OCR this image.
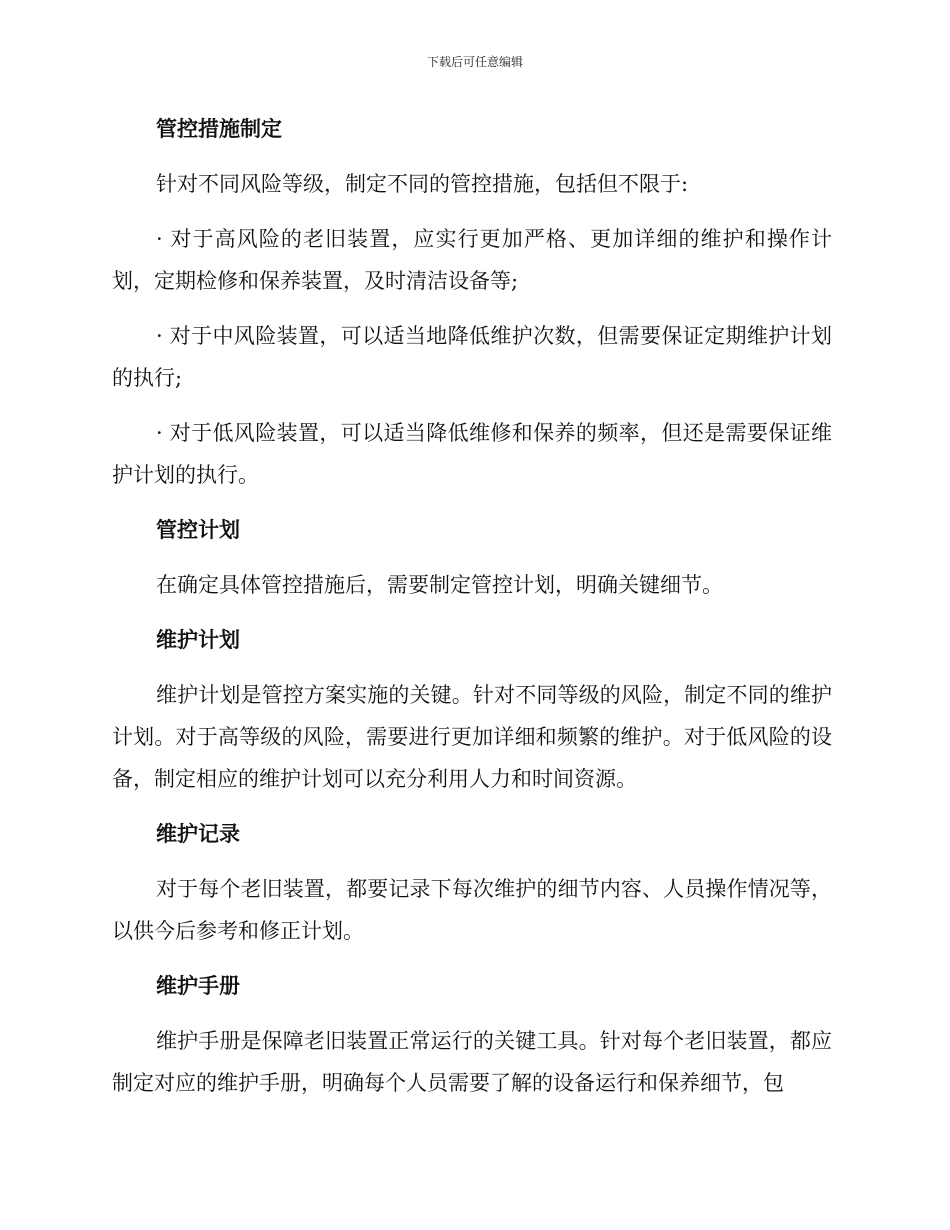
下载后可任意编辑
管控措施制定

针对不同风险等级，制定不同的管控措施，包括但不限于:

· 对于高风险的老旧装置，应实行更加严格、更加详细的维护和操作计划，定期检修和保养装置，及时清洁设备等;

· 对于中风险装置，可以适当地降低维护次数，但需要保证定期维护计划的执行;

· 对于低风险装置，可以适当降低维修和保养的频率，但还是需要保证维护计划的执行。

管控计划

在确定具体管控措施后，需要制定管控计划，明确关键细节。

维护计划

维护计划是管控方案实施的关键。针对不同等级的风险，制定不同的维护计划。对于高等级的风险，需要进行更加详细和频繁的维护。对于低风险的设备，制定相应的维护计划可以充分利用人力和时间资源。

维护记录

对于每个老旧装置，都要记录下每次维护的细节内容、人员操作情况等，以供今后参考和修正计划。

维护手册

维护手册是保障老旧装置正常运行的关键工具。针对每个老旧装置，都应制定对应的维护手册，明确每个人员需要了解的设备运行和保养细节，包
